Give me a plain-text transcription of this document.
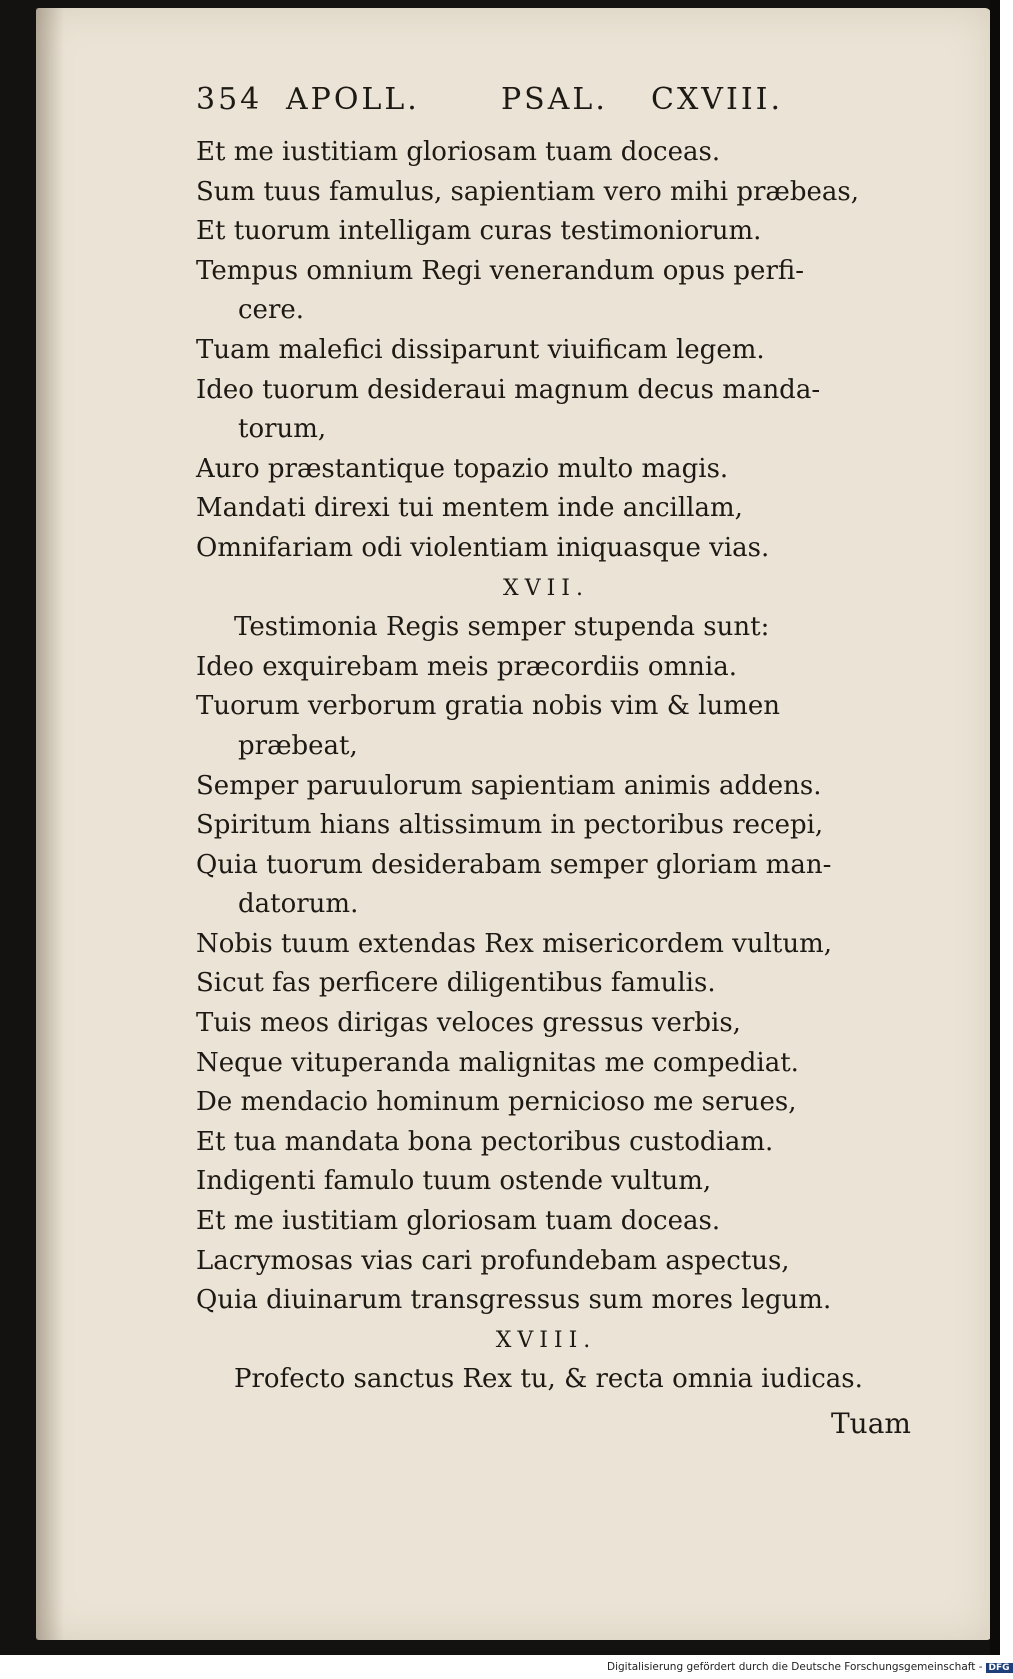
354 APOLL.	PSAL. CXVIII.
Et me iustitiam gloriosam tuam doceas.
Sum tuus famulus, sapientiam vero mihi præbeas,
Et tuorum intelligam curas testimoniorum.
Tempus omnium Regi venerandum opus perfi-
cere.
Tuam malefici dissiparunt viuificam legem.
Ideo tuorum desideraui magnum decus manda-
torum,
Auro præstantique topazio multo magis.
Mandati direxi tui mentem inde ancillam,
Omnifariam odi violentiam iniquasque vias.
XVII.
Testimonia Regis semper stupenda sunt:
Ideo exquirebam meis præcordiis omnia.
Tuorum verborum gratia nobis vim & lumen
præbeat,
Semper paruulorum sapientiam animis addens.
Spiritum hians altissimum in pectoribus recepi,
Quia tuorum desiderabam semper gloriam man-
datorum.
Nobis tuum extendas Rex misericordem vultum,
Sicut fas perficere diligentibus famulis.
Tuis meos dirigas veloces gressus verbis,
Neque vituperanda malignitas me compediat.
De mendacio hominum pernicioso me serues,
Et tua mandata bona pectoribus custodiam.
Indigenti famulo tuum ostende vultum,
Et me iustitiam gloriosam tuam doceas.
Lacrymosas vias cari profundebam aspectus,
Quia diuinarum transgressus sum mores legum.
XVIII.
Profecto sanctus Rex tu, & recta omnia iudicas.
Tuam
Digitalisierung gefördert durch die Deutsche Forschungsgemeinschaft - DFG
